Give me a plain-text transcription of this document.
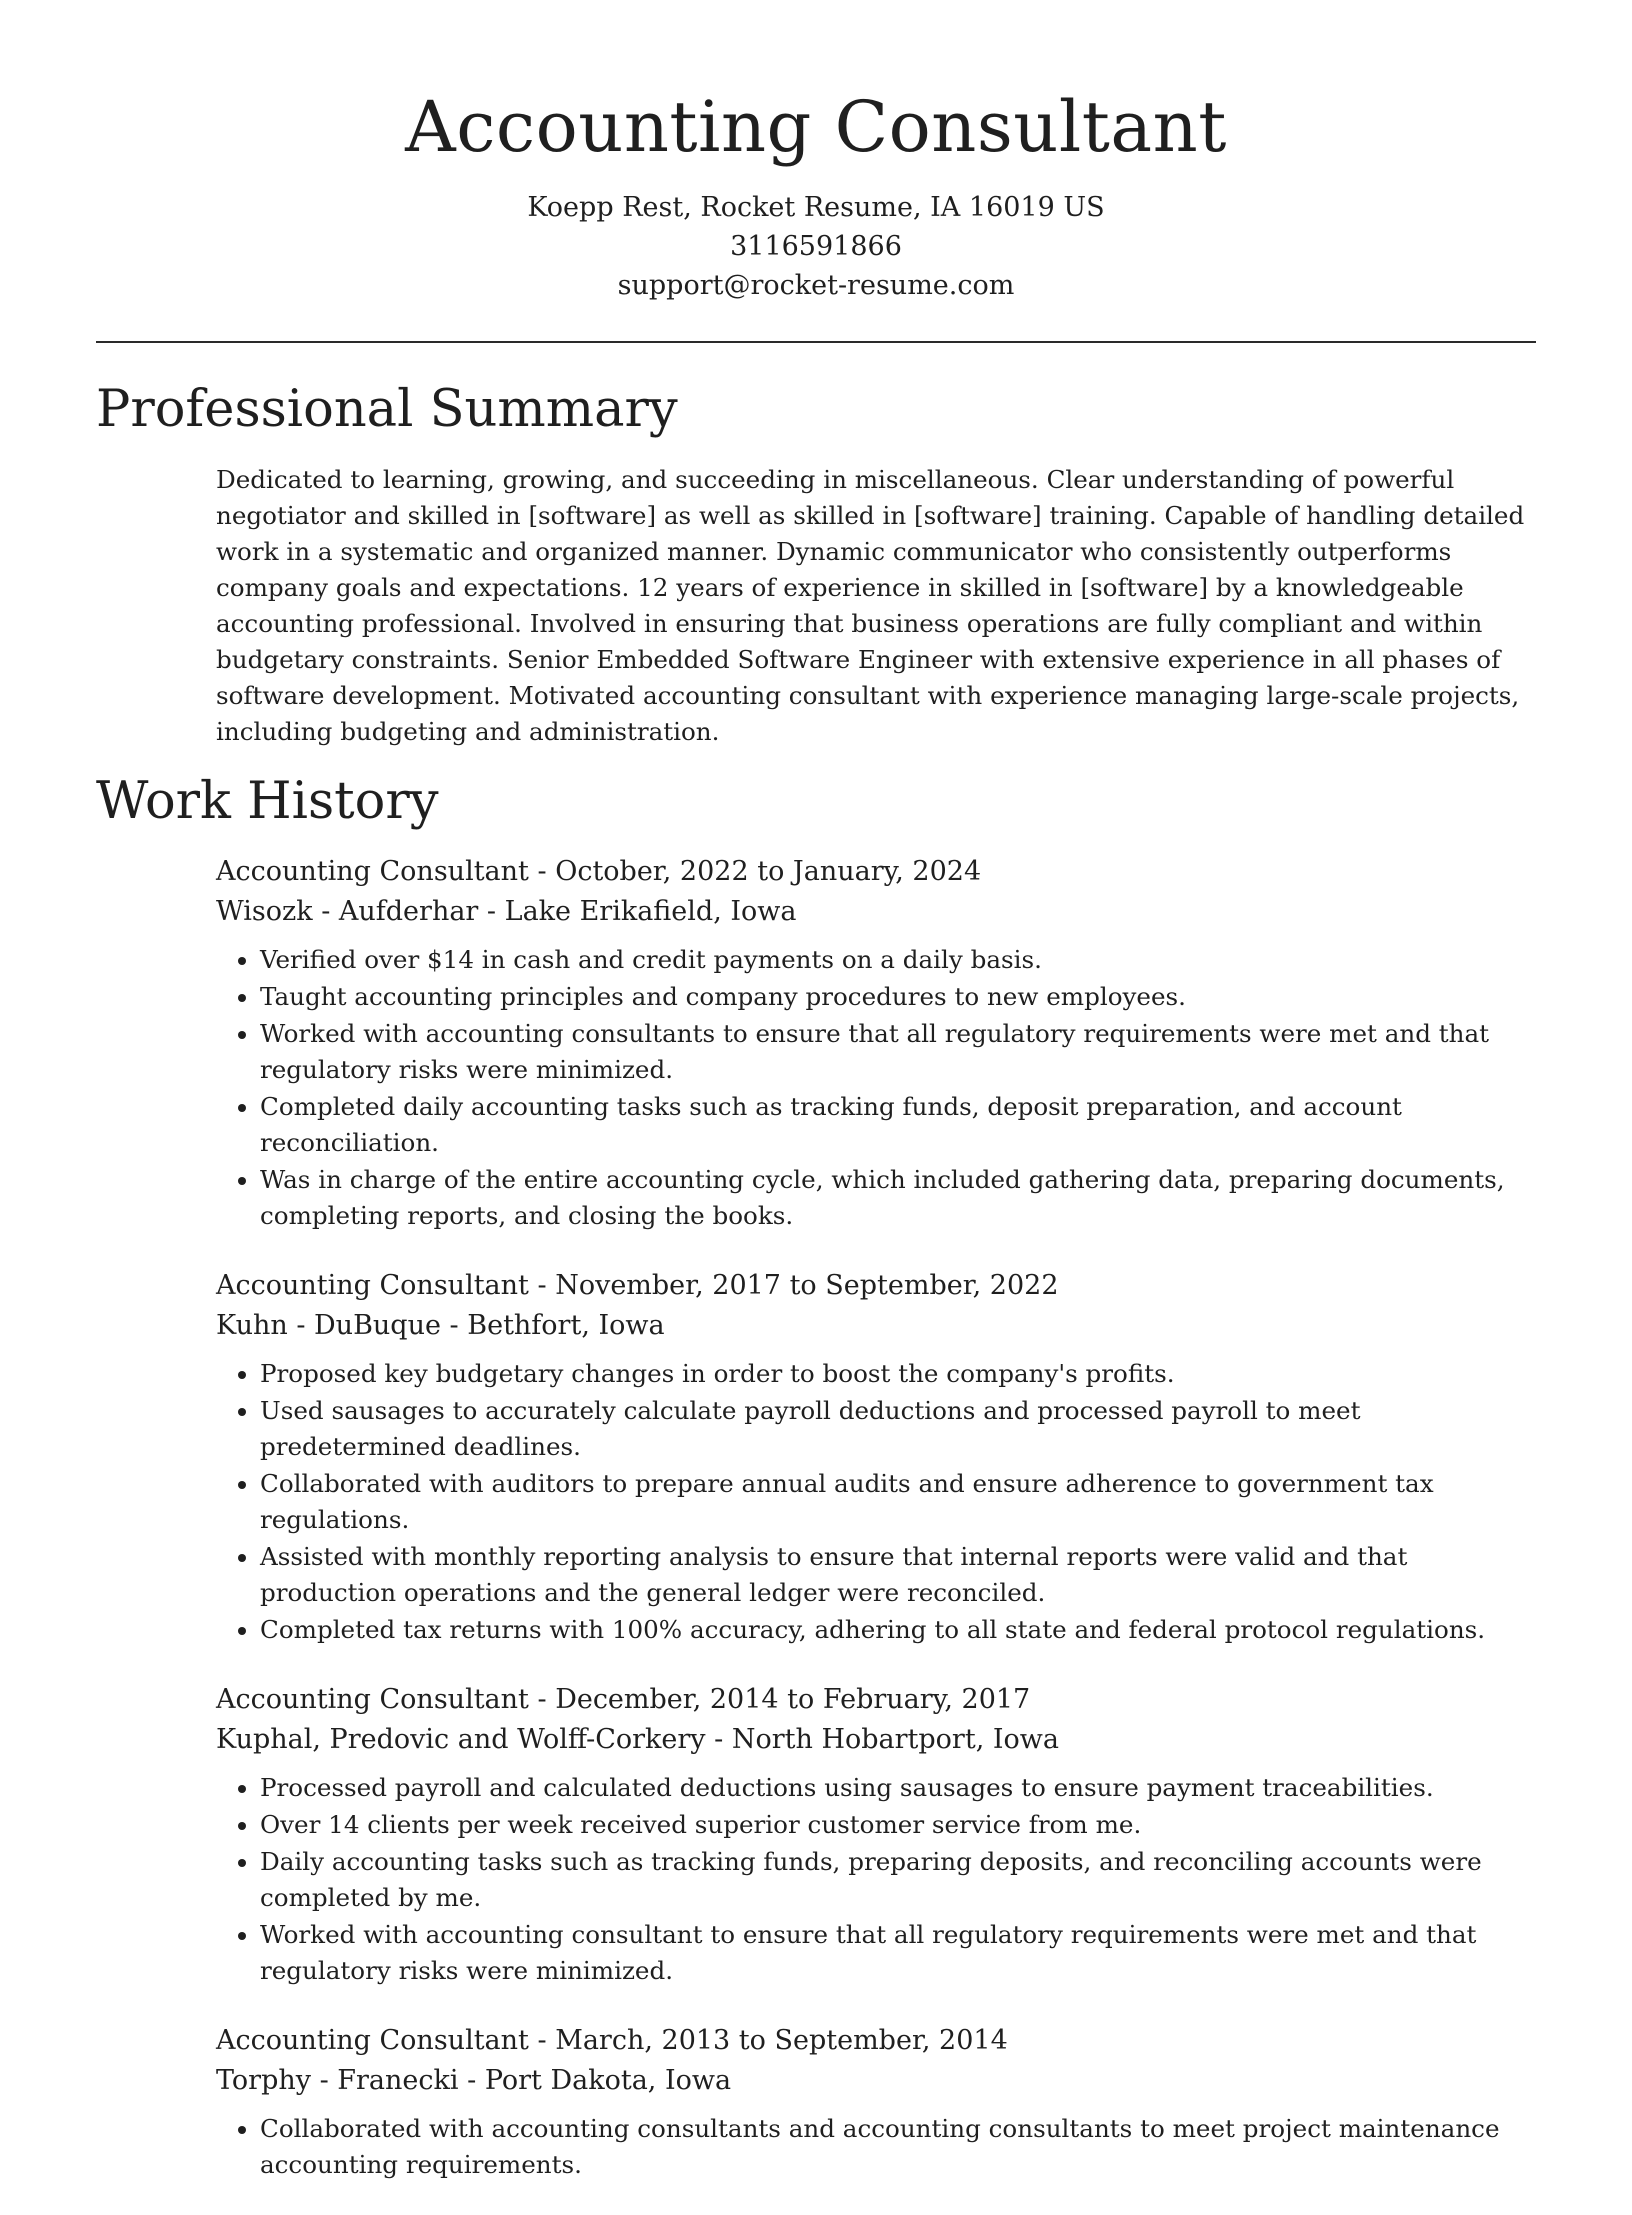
Accounting Consultant
Koepp Rest, Rocket Resume, IA 16019 US
3116591866
support@rocket-resume.com
Professional Summary

Dedicated to learning, growing, and succeeding in miscellaneous. Clear understanding of powerful negotiator and skilled in [software] as well as skilled in [software] training. Capable of handling detailed work in a systematic and organized manner. Dynamic communicator who consistently outperforms company goals and expectations. 12 years of experience in skilled in [software] by a knowledgeable accounting professional. Involved in ensuring that business operations are fully compliant and within budgetary constraints. Senior Embedded Software Engineer with extensive experience in all phases of software development. Motivated accounting consultant with experience managing large-scale projects, including budgeting and administration.

Work History
Accounting Consultant - October, 2022 to January, 2024
Wisozk - Aufderhar - Lake Erikafield, Iowa
• Verified over $14 in cash and credit payments on a daily basis.
• Taught accounting principles and company procedures to new employees.
• Worked with accounting consultants to ensure that all regulatory requirements were met and that regulatory risks were minimized.
• Completed daily accounting tasks such as tracking funds, deposit preparation, and account reconciliation.
• Was in charge of the entire accounting cycle, which included gathering data, preparing documents, completing reports, and closing the books.
Accounting Consultant - November, 2017 to September, 2022
Kuhn - DuBuque - Bethfort, Iowa
• Proposed key budgetary changes in order to boost the company's profits.
• Used sausages to accurately calculate payroll deductions and processed payroll to meet predetermined deadlines.
• Collaborated with auditors to prepare annual audits and ensure adherence to government tax regulations.
• Assisted with monthly reporting analysis to ensure that internal reports were valid and that production operations and the general ledger were reconciled.
• Completed tax returns with 100% accuracy, adhering to all state and federal protocol regulations.
Accounting Consultant - December, 2014 to February, 2017
Kuphal, Predovic and Wolff-Corkery - North Hobartport, Iowa
• Processed payroll and calculated deductions using sausages to ensure payment traceabilities.
• Over 14 clients per week received superior customer service from me.
• Daily accounting tasks such as tracking funds, preparing deposits, and reconciling accounts were completed by me.
• Worked with accounting consultant to ensure that all regulatory requirements were met and that regulatory risks were minimized.
Accounting Consultant - March, 2013 to September, 2014
Torphy - Franecki - Port Dakota, Iowa
• Collaborated with accounting consultants and accounting consultants to meet project maintenance accounting requirements.
